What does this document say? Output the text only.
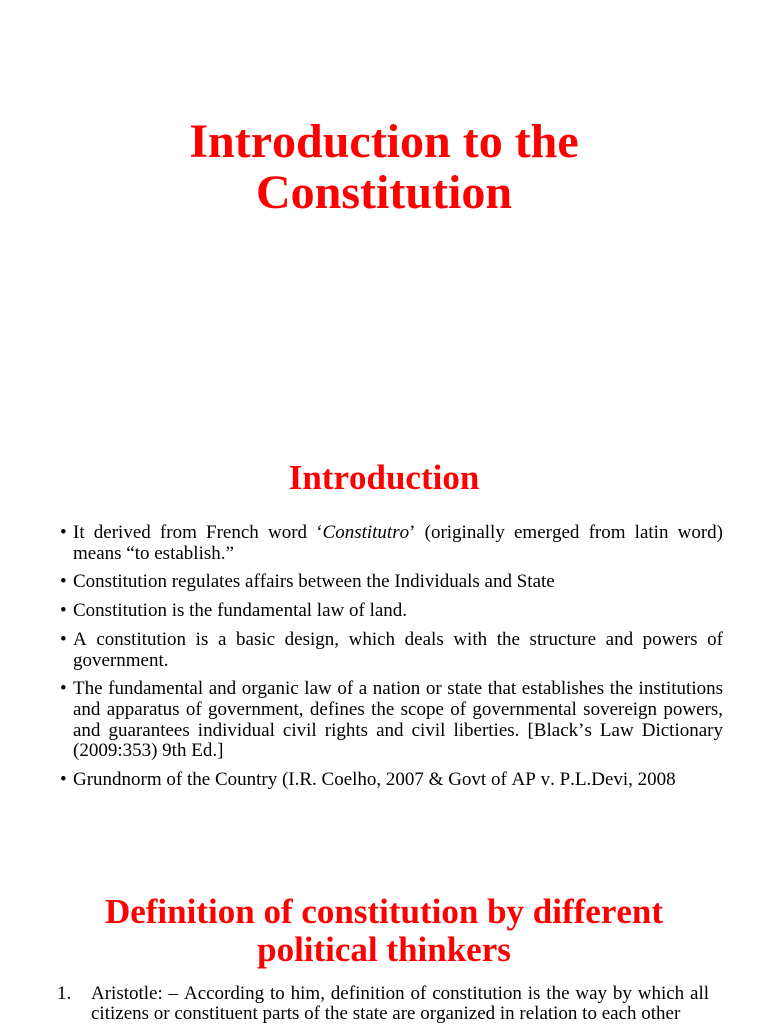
Introduction to the Constitution
Introduction
• It derived from French word ‘Constitutro’ (originally emerged from latin word) means “to establish.”
• Constitution regulates affairs between the Individuals and State
• Constitution is the fundamental law of land.
• A constitution is a basic design, which deals with the structure and powers of government.
• The fundamental and organic law of a nation or state that establishes the institutions and apparatus of government, defines the scope of governmental sovereign powers, and guarantees individual civil rights and civil liberties. [Black’s Law Dictionary (2009:353) 9th Ed.]
• Grundnorm of the Country (I.R. Coelho, 2007 & Govt of AP v. P.L.Devi, 2008
Definition of constitution by different political thinkers
1. Aristotle: – According to him, definition of constitution is the way by which all citizens or constituent parts of the state are organized in relation to each other
